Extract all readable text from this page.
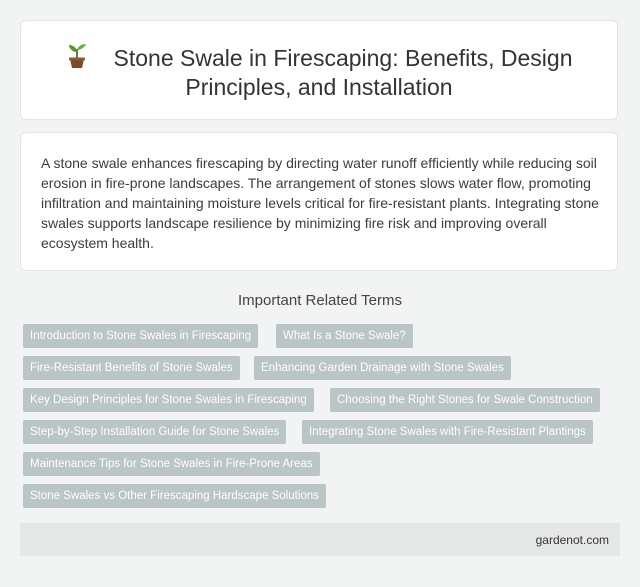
Stone Swale in Firescaping: Benefits, Design
Principles, and Installation

A stone swale enhances firescaping by directing water runoff efficiently while reducing soil erosion in fire-prone landscapes. The arrangement of stones slows water flow, promoting infiltration and maintaining moisture levels critical for fire-resistant plants. Integrating stone swales supports landscape resilience by minimizing fire risk and improving overall ecosystem health.

Important Related Terms
Introduction to Stone Swales in Firescaping	What Is a Stone Swale?
Fire-Resistant Benefits of Stone Swales	Enhancing Garden Drainage with Stone Swales
Key Design Principles for Stone Swales in Firescaping	Choosing the Right Stones for Swale Construction
Step-by-Step Installation Guide for Stone Swales	Integrating Stone Swales with Fire-Resistant Plantings
Maintenance Tips for Stone Swales in Fire-Prone Areas
Stone Swales vs Other Firescaping Hardscape Solutions
gardenot.com
